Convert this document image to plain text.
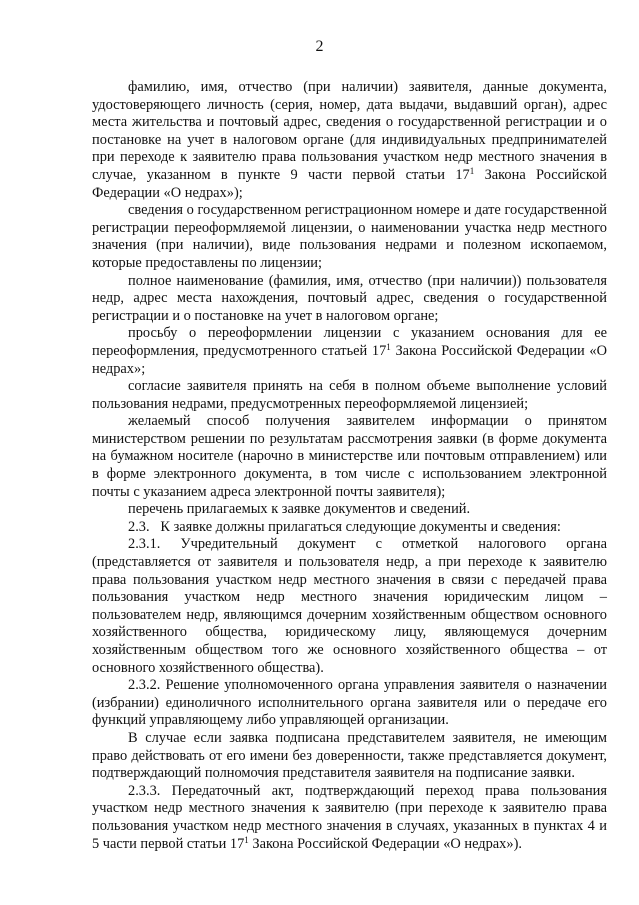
2

фамилию, имя, отчество (при наличии) заявителя, данные документа, удостоверяющего личность (серия, номер, дата выдачи, выдавший орган), адрес места жительства и почтовый адрес, сведения о государственной регистрации и о постановке на учет в налоговом органе (для индивидуальных предпринимателей при переходе к заявителю права пользования участком недр местного значения в случае, указанном в пункте 9 части первой статьи $17^1$ Закона Российской Федерации «О недрах»);

сведения о государственном регистрационном номере и дате государственной регистрации переоформляемой лицензии, о наименовании участка недр местного значения (при наличии), виде пользования недрами и полезном ископаемом, которые предоставлены по лицензии;

полное наименование (фамилия, имя, отчество (при наличии)) пользователя недр, адрес места нахождения, почтовый адрес, сведения о государственной регистрации и о постановке на учет в налоговом органе;

просьбу о переоформлении лицензии с указанием основания для ее переоформления, предусмотренного статьей $17^1$ Закона Российской Федерации «О недрах»;

согласие заявителя принять на себя в полном объеме выполнение условий пользования недрами, предусмотренных переоформляемой лицензией;

желаемый способ получения заявителем информации о принятом министерством решении по результатам рассмотрения заявки (в форме документа на бумажном носителе (нарочно в министерстве или почтовым отправлением) или в форме электронного документа, в том числе с использованием электронной почты с указанием адреса электронной почты заявителя);

перечень прилагаемых к заявке документов и сведений.

2.3.   К заявке должны прилагаться следующие документы и сведения:

2.3.1. Учредительный документ с отметкой налогового органа (представляется от заявителя и пользователя недр, а при переходе к заявителю права пользования участком недр местного значения в связи с передачей права пользования участком недр местного значения юридическим лицом – пользователем недр, являющимся дочерним хозяйственным обществом основного хозяйственного общества, юридическому лицу, являющемуся дочерним хозяйственным обществом того же основного хозяйственного общества – от основного хозяйственного общества).

2.3.2. Решение уполномоченного органа управления заявителя о назначении (избрании) единоличного исполнительного органа заявителя или о передаче его функций управляющему либо управляющей организации.

В случае если заявка подписана представителем заявителя, не имеющим право действовать от его имени без доверенности, также представляется документ, подтверждающий полномочия представителя заявителя на подписание заявки.

2.3.3. Передаточный акт, подтверждающий переход права пользования участком недр местного значения к заявителю (при переходе к заявителю права пользования участком недр местного значения в случаях, указанных в пунктах 4 и 5 части первой статьи $17^1$ Закона Российской Федерации «О недрах»).
